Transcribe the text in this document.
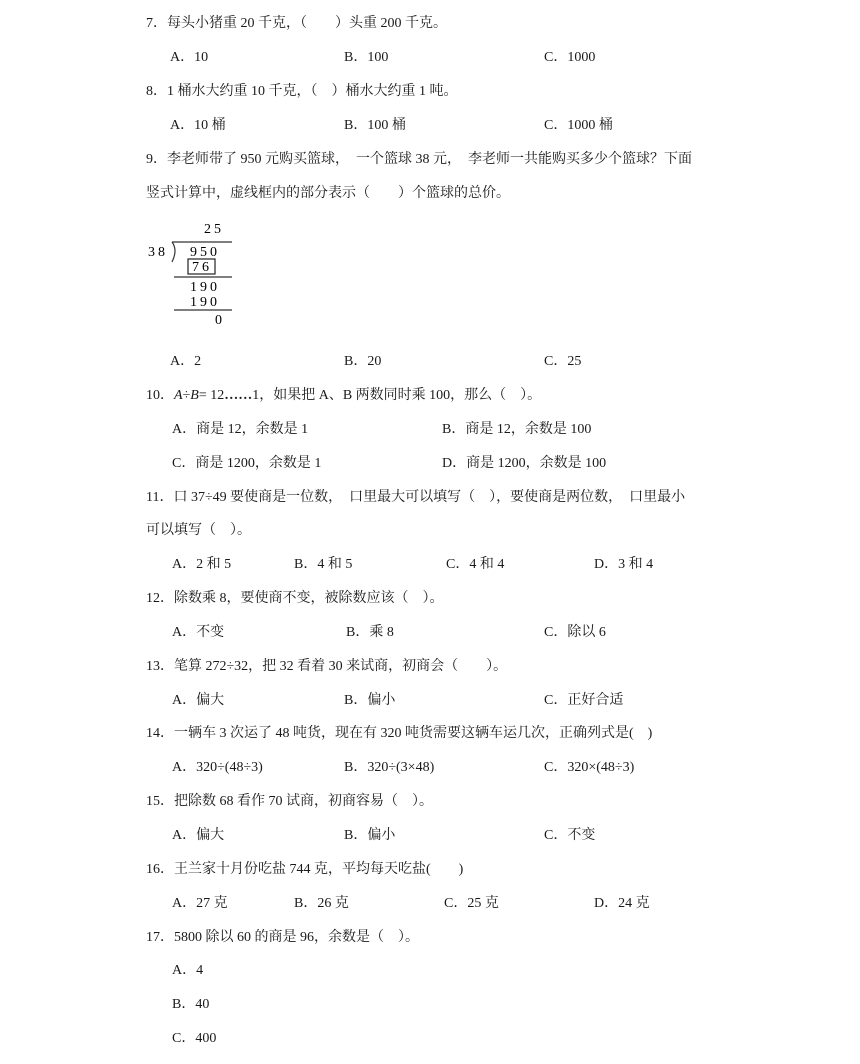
7．每头小猪重 20 千克，（　　）头重 200 千克。
A．10	B．100	C．1000
8．1 桶水大约重 10 千克，（　）桶水大约重 1 吨。
A．10 桶	B．100 桶	C．1000 桶
9．李老师带了 950 元购买篮球，　一个篮球 38 元，　李老师一共能购买多少个篮球？下面
竖式计算中，虚线框内的部分表示（　　）个篮球的总价。
25
38 950
76
190
190
0
A．2	B．20	C．25
10．A÷B= 12……1，如果把 A、B 两数同时乘 100，那么（　）。
A．商是 12，余数是 1	B．商是 12，余数是 100
C．商是 1200，余数是 1	D．商是 1200，余数是 100
11．口 37÷49 要使商是一位数，　口里最大可以填写（　），要使商是两位数，　口里最小
可以填写（　）。
A．2 和 5	B．4 和 5	C．4 和 4	D．3 和 4
12．除数乘 8，要使商不变，被除数应该（　）。
A．不变	B．乘 8	C．除以 6
13．笔算 272÷32，把 32 看着 30 来试商，初商会（　　）。
A．偏大	B．偏小	C．正好合适
14．一辆车 3 次运了 48 吨货，现在有 320 吨货需要这辆车运几次，正确列式是(　)
A．320÷(48÷3)	B．320÷(3×48)	C．320×(48÷3)
15．把除数 68 看作 70 试商，初商容易（　）。
A．偏大	B．偏小	C．不变
16．王兰家十月份吃盐 744 克，平均每天吃盐(　　)
A．27 克	B．26 克	C．25 克	D．24 克
17．5800 除以 60 的商是 96，余数是（　）。
A．4
B．40
C．400
